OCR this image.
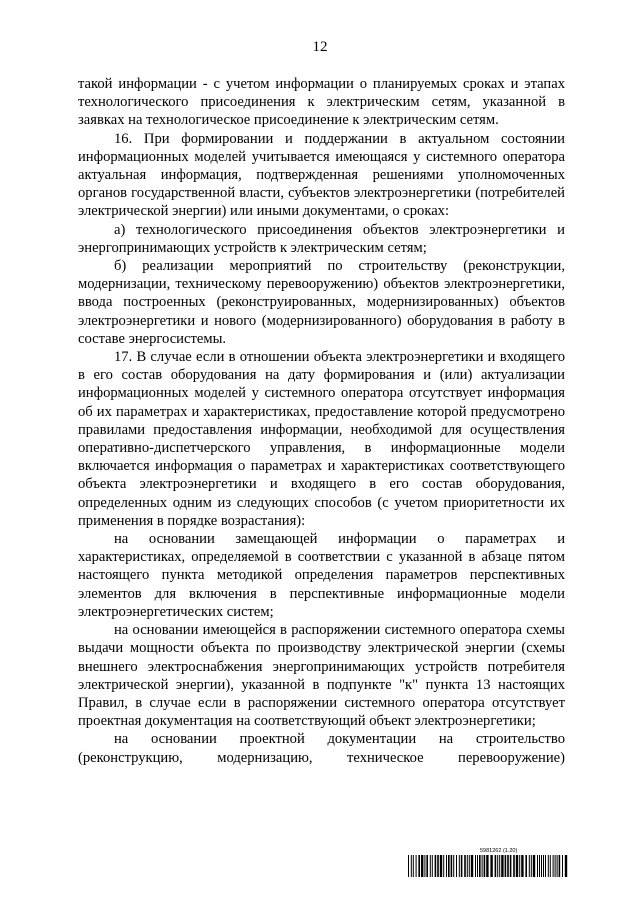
12

такой информации - с учетом информации о планируемых сроках и этапах технологического присоединения к электрическим сетям, указанной в заявках на технологическое присоединение к электрическим сетям.

16. При формировании и поддержании в актуальном состоянии информационных моделей учитывается имеющаяся у системного оператора актуальная информация, подтвержденная решениями уполномоченных органов государственной власти, субъектов электроэнергетики (потребителей электрической энергии) или иными документами, о сроках:

а) технологического присоединения объектов электроэнергетики и энергопринимающих устройств к электрическим сетям;

б) реализации мероприятий по строительству (реконструкции, модернизации, техническому перевооружению) объектов электроэнергетики, ввода построенных (реконструированных, модернизированных) объектов электроэнергетики и нового (модернизированного) оборудования в работу в составе энергосистемы.

17. В случае если в отношении объекта электроэнергетики и входящего в его состав оборудования на дату формирования и (или) актуализации информационных моделей у системного оператора отсутствует информация об их параметрах и характеристиках, предоставление которой предусмотрено правилами предоставления информации, необходимой для осуществления оперативно-диспетчерского управления, в информационные модели включается информация о параметрах и характеристиках соответствующего объекта электроэнергетики и входящего в его состав оборудования, определенных одним из следующих способов (с учетом приоритетности их применения в порядке возрастания):

на основании замещающей информации о параметрах и характеристиках, определяемой в соответствии с указанной в абзаце пятом настоящего пункта методикой определения параметров перспективных элементов для включения в перспективные информационные модели электроэнергетических систем;

на основании имеющейся в распоряжении системного оператора схемы выдачи мощности объекта по производству электрической энергии (схемы внешнего электроснабжения энергопринимающих устройств потребителя электрической энергии), указанной в подпункте "к" пункта 13 настоящих Правил, в случае если в распоряжении системного оператора отсутствует проектная документация на соответствующий объект электроэнергетики;

на основании проектной документации на строительство (реконструкцию, модернизацию, техническое перевооружение)

5981262 (1.20)
